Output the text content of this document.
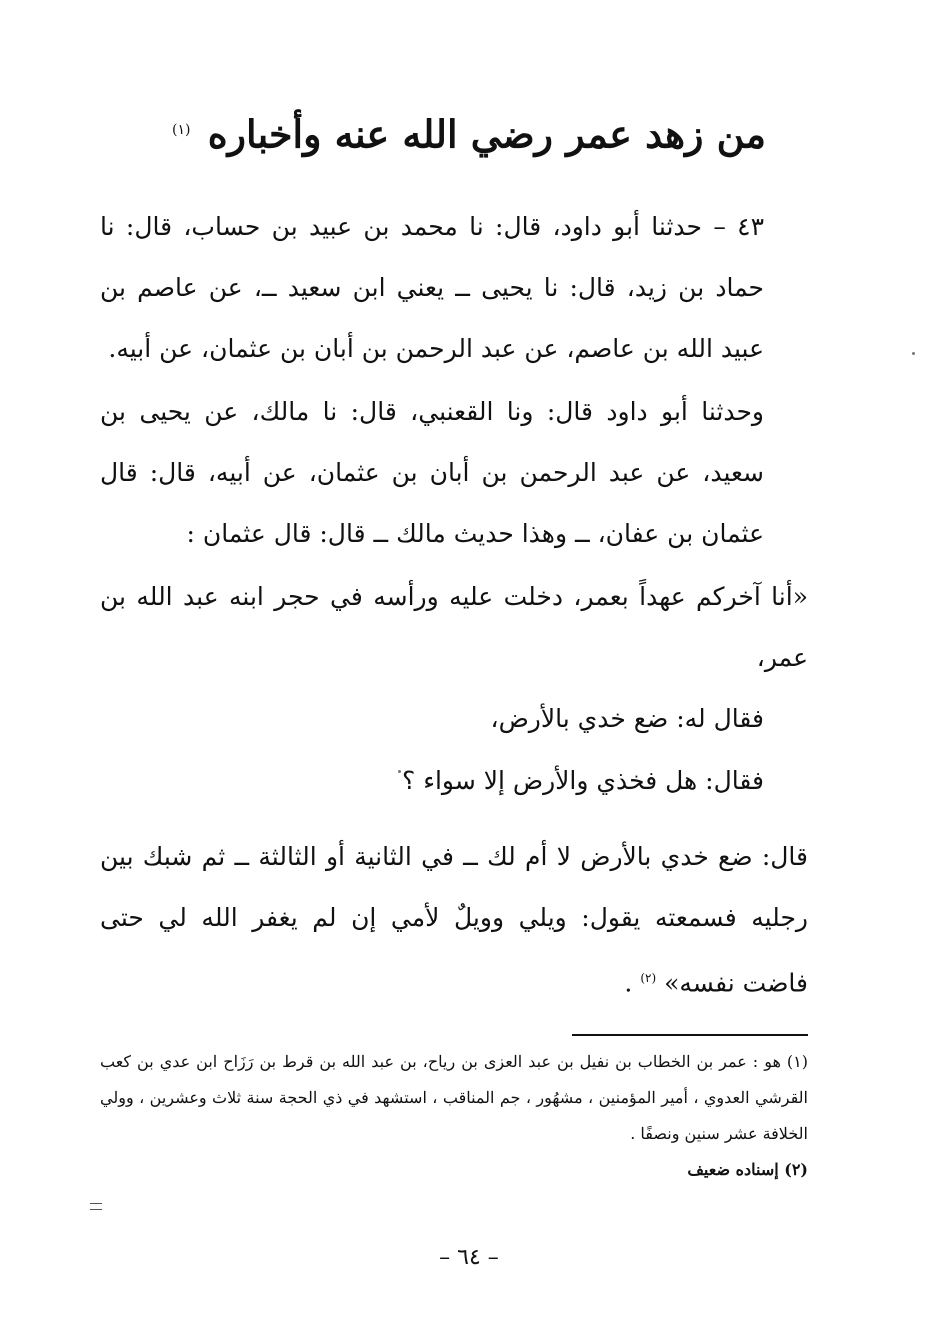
من زهد عمر رضي الله عنه وأخباره $^{(١)}$

٤٣ – حدثنا أبو داود، قال: نا محمد بن عبيد بن حساب، قال: نا حماد بن زيد، قال: نا يحيى ــ يعني ابن سعيد ــ، عن عاصم بن عبيد الله بن عاصم، عن عبد الرحمن بن أبان بن عثمان، عن أبيه.

وحدثنا أبو داود قال: ونا القعنبي، قال: نا مالك، عن يحيى بن سعيد، عن عبد الرحمن بن أبان بن عثمان، عن أبيه، قال: قال عثمان بن عفان، ــ وهذا حديث مالك ــ قال: قال عثمان :

«أنا آخركم عهداً بعمر، دخلت عليه ورأسه في حجر ابنه عبد الله بن عمر،

فقال له: ضع خدي بالأرض،

فقال: هل فخذي والأرض إلا سواء ؟

قال: ضع خدي بالأرض لا أم لك ــ في الثانية أو الثالثة ــ ثم شبك بين رجليه فسمعته يقول: ويلي وويلٌ لأمي إن لم يغفر الله لي حتى فاضت نفسه» $^{(٢)}$ .

(١) هو : عمر بن الخطاب بن نفيل بن عبد العزى بن رياح، بن عبد الله بن قرط بن رَزَاح ابن عدي بن كعب القرشي العدوي ، أمير المؤمنين ، مشهُور ، جم المناقب ، استشهد في ذي الحجة سنة ثلاث وعشرين ، وولي الخلافة عشر سنين ونصفًا .

(٢) إسناده ضعيف

– ٦٤ –
